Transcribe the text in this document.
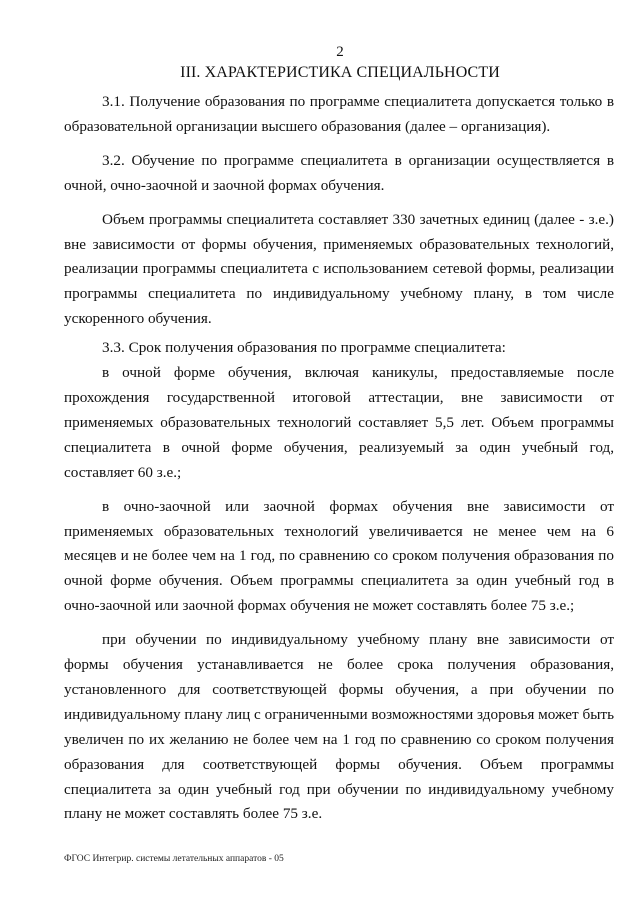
2
III. ХАРАКТЕРИСТИКА СПЕЦИАЛЬНОСТИ

3.1. Получение образования по программе специалитета допускается только в образовательной организации высшего образования (далее – организация).

3.2. Обучение по программе специалитета в организации осуществляется в очной, очно-заочной и заочной формах обучения.

Объем программы специалитета составляет 330 зачетных единиц (далее - з.е.) вне зависимости от формы обучения, применяемых образовательных технологий, реализации программы специалитета с использованием сетевой формы, реализации программы специалитета по индивидуальному учебному плану, в том числе ускоренного обучения.

3.3. Срок получения образования по программе специалитета:

в очной форме обучения, включая каникулы, предоставляемые после прохождения государственной итоговой аттестации, вне зависимости от применяемых образовательных технологий составляет 5,5 лет. Объем программы специалитета в очной форме обучения, реализуемый за один учебный год, составляет 60 з.е.;

в очно-заочной или заочной формах обучения вне зависимости от применяемых образовательных технологий увеличивается не менее чем на 6 месяцев и не более чем на 1 год, по сравнению со сроком получения образования по очной форме обучения. Объем программы специалитета за один учебный год в очно-заочной или заочной формах обучения не может составлять более 75 з.е.;

при обучении по индивидуальному учебному плану вне зависимости от формы обучения устанавливается не более срока получения образования, установленного для соответствующей формы обучения, а при обучении по индивидуальному плану лиц с ограниченными возможностями здоровья может быть увеличен по их желанию не более чем на 1 год по сравнению со сроком получения образования для соответствующей формы обучения. Объем программы специалитета за один учебный год при обучении по индивидуальному учебному плану не может составлять более 75 з.е.

ФГОС Интегрир. системы летательных аппаратов - 05
